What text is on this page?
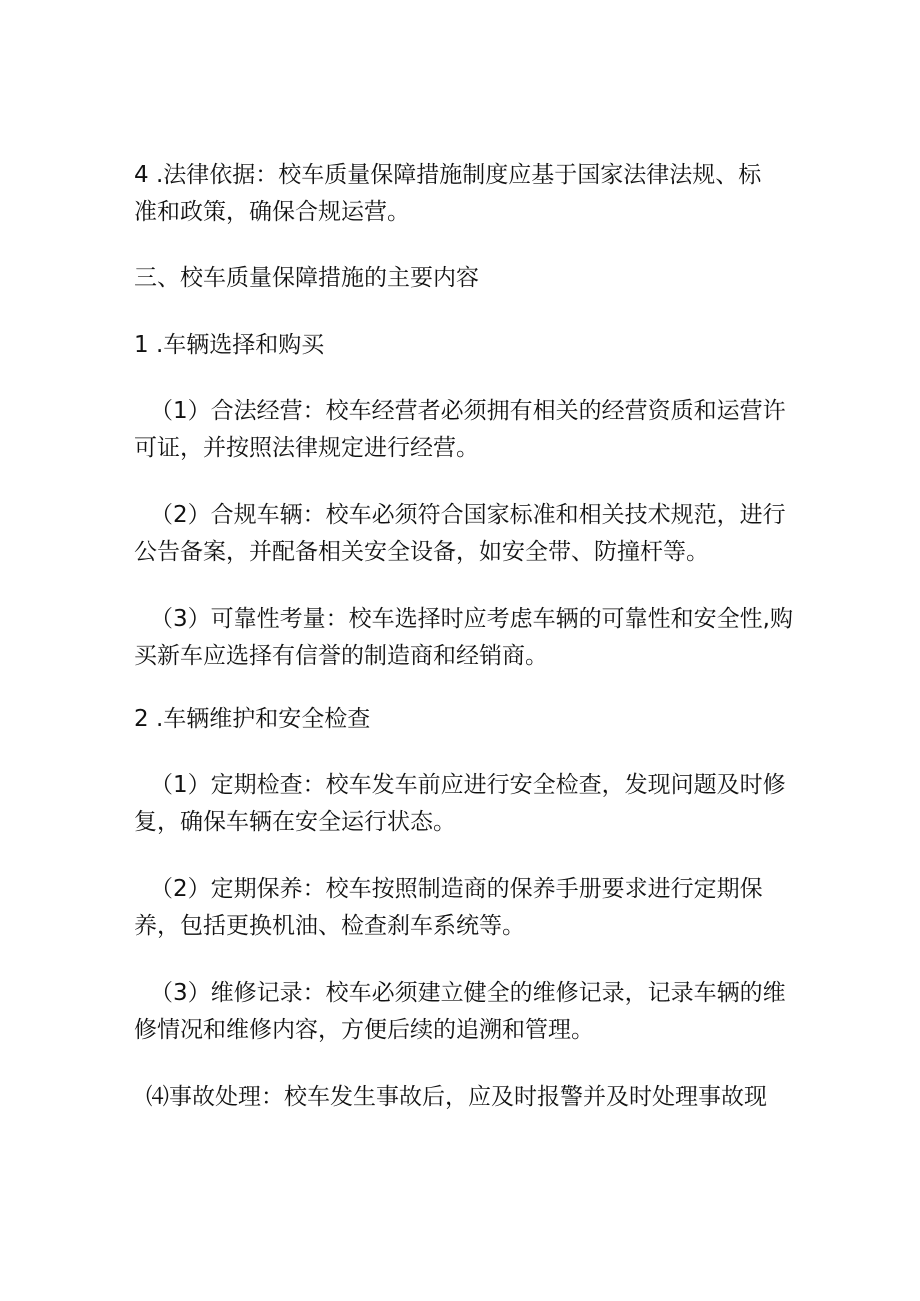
4 .法律依据：校车质量保障措施制度应基于国家法律法规、标

准和政策，确保合规运营。

三、校车质量保障措施的主要内容

1 .车辆选择和购买

（1）合法经营：校车经营者必须拥有相关的经营资质和运营许

可证，并按照法律规定进行经营。

（2）合规车辆：校车必须符合国家标准和相关技术规范，进行

公告备案，并配备相关安全设备，如安全带、防撞杆等。

（3）可靠性考量：校车选择时应考虑车辆的可靠性和安全性,购

买新车应选择有信誉的制造商和经销商。

2 .车辆维护和安全检查

（1）定期检查：校车发车前应进行安全检查，发现问题及时修

复，确保车辆在安全运行状态。

（2）定期保养：校车按照制造商的保养手册要求进行定期保

养，包括更换机油、检查刹车系统等。

（3）维修记录：校车必须建立健全的维修记录，记录车辆的维

修情况和维修内容，方便后续的追溯和管理。

⑷事故处理：校车发生事故后，应及时报警并及时处理事故现
